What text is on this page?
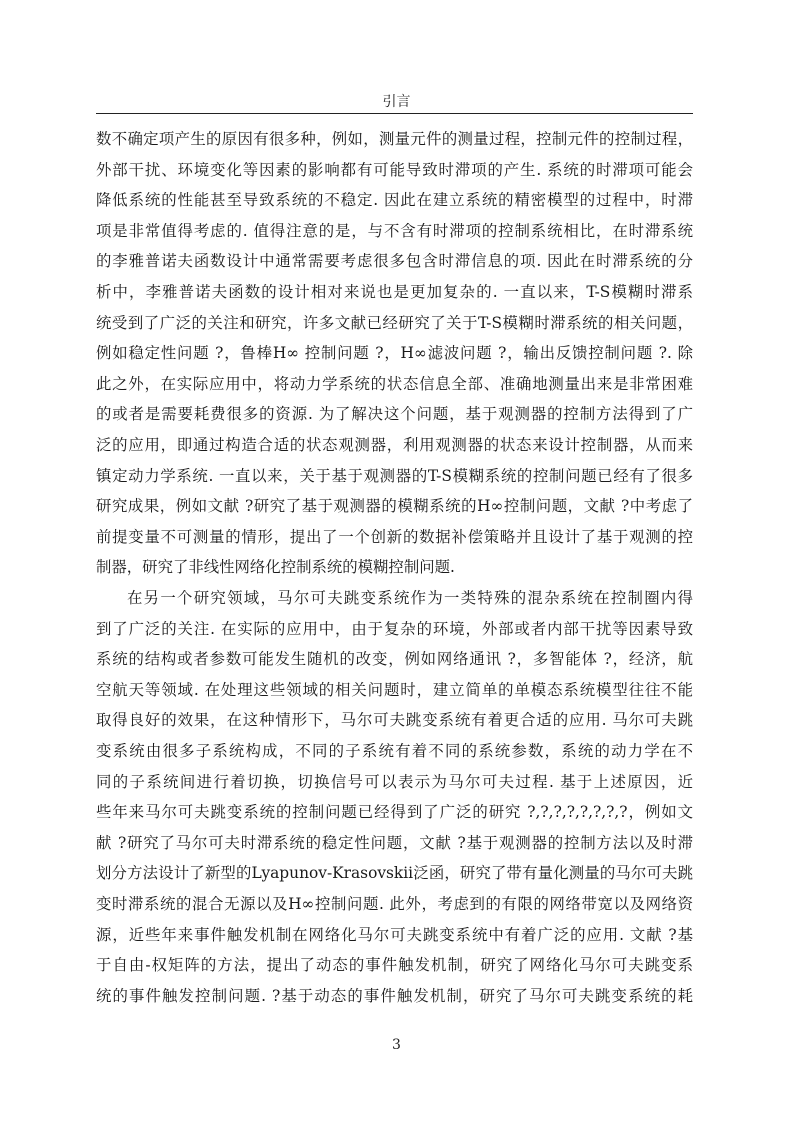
引言
数不确定项产生的原因有很多种，例如，测量元件的测量过程，控制元件的控制过程，
外部干扰、环境变化等因素的影响都有可能导致时滞项的产生. 系统的时滞项可能会
降低系统的性能甚至导致系统的不稳定. 因此在建立系统的精密模型的过程中，时滞
项是非常值得考虑的. 值得注意的是，与不含有时滞项的控制系统相比，在时滞系统
的李雅普诺夫函数设计中通常需要考虑很多包含时滞信息的项. 因此在时滞系统的分
析中，李雅普诺夫函数的设计相对来说也是更加复杂的. 一直以来，T-S模糊时滞系
统受到了广泛的关注和研究，许多文献已经研究了关于T-S模糊时滞系统的相关问题，
例如稳定性问题 ?，鲁棒H∞ 控制问题 ?，H∞滤波问题 ?，输出反馈控制问题 ?. 除
此之外，在实际应用中，将动力学系统的状态信息全部、准确地测量出来是非常困难
的或者是需要耗费很多的资源. 为了解决这个问题，基于观测器的控制方法得到了广
泛的应用，即通过构造合适的状态观测器，利用观测器的状态来设计控制器，从而来
镇定动力学系统. 一直以来，关于基于观测器的T-S模糊系统的控制问题已经有了很多
研究成果，例如文献 ?研究了基于观测器的模糊系统的H∞控制问题，文献 ?中考虑了
前提变量不可测量的情形，提出了一个创新的数据补偿策略并且设计了基于观测的控
制器，研究了非线性网络化控制系统的模糊控制问题.
在另一个研究领域，马尔可夫跳变系统作为一类特殊的混杂系统在控制圈内得
到了广泛的关注. 在实际的应用中，由于复杂的环境，外部或者内部干扰等因素导致
系统的结构或者参数可能发生随机的改变，例如网络通讯 ?，多智能体 ?，经济，航
空航天等领域. 在处理这些领域的相关问题时，建立简单的单模态系统模型往往不能
取得良好的效果，在这种情形下，马尔可夫跳变系统有着更合适的应用. 马尔可夫跳
变系统由很多子系统构成，不同的子系统有着不同的系统参数，系统的动力学在不
同的子系统间进行着切换，切换信号可以表示为马尔可夫过程. 基于上述原因，近
些年来马尔可夫跳变系统的控制问题已经得到了广泛的研究 ?,?,?,?,?,?,?,?，例如文
献 ?研究了马尔可夫时滞系统的稳定性问题，文献 ?基于观测器的控制方法以及时滞
划分方法设计了新型的Lyapunov-Krasovskii泛函，研究了带有量化测量的马尔可夫跳
变时滞系统的混合无源以及H∞控制问题. 此外，考虑到的有限的网络带宽以及网络资
源，近些年来事件触发机制在网络化马尔可夫跳变系统中有着广泛的应用. 文献 ?基
于自由-权矩阵的方法，提出了动态的事件触发机制，研究了网络化马尔可夫跳变系
统的事件触发控制问题. ?基于动态的事件触发机制，研究了马尔可夫跳变系统的耗
3
